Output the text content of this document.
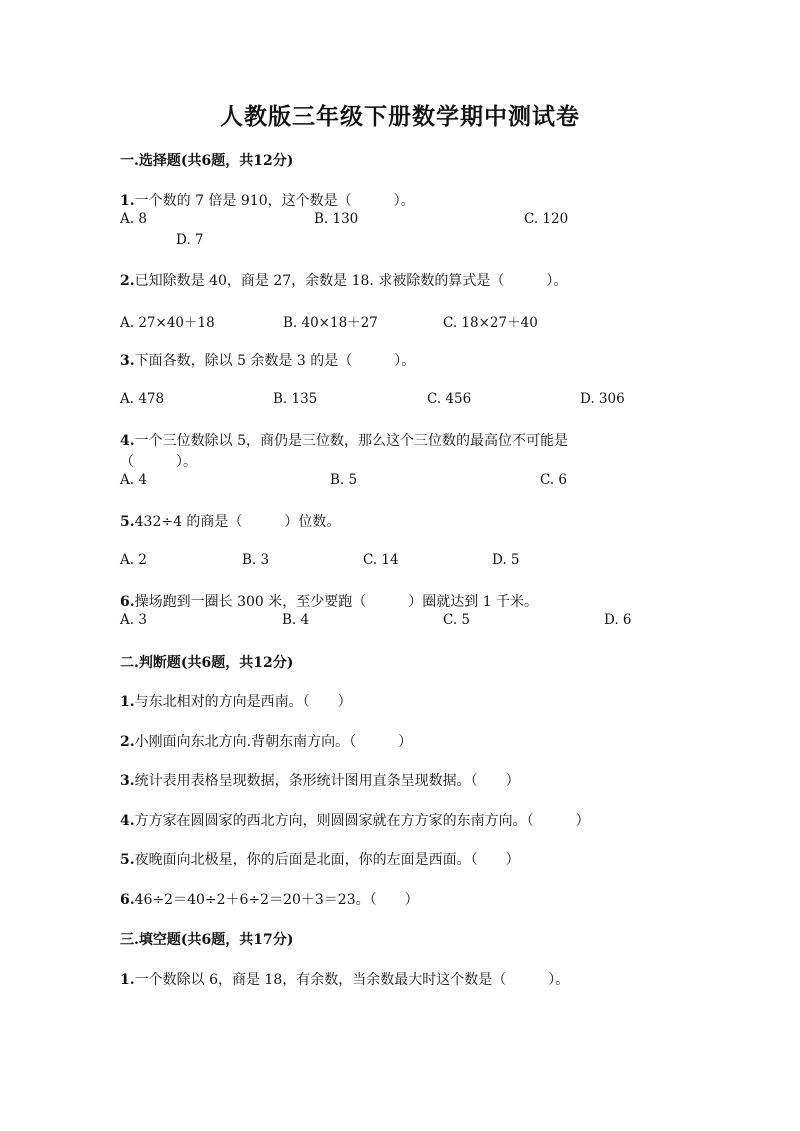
人教版三年级下册数学期中测试卷
一.选择题(共6题，共12分)
1.一个数的 7 倍是 910，这个数是（　　　）。
A. 8	B. 130	C. 120
D. 7
2.已知除数是 40，商是 27，余数是 18. 求被除数的算式是（　　　）。
A. 27×40＋18	B. 40×18＋27	C. 18×27＋40
3.下面各数，除以 5 余数是 3 的是（　　　）。
A. 478	B. 135	C. 456	D. 306
4.一个三位数除以 5，商仍是三位数，那么这个三位数的最高位不可能是
（　　　）。
A. 4	B. 5	C. 6
5.432÷4 的商是（　　　）位数。
A. 2	B. 3	C. 14	D. 5
6.操场跑到一圈长 300 米，至少要跑（　　　）圈就达到 1 千米。
A. 3	B. 4	C. 5	D. 6
二.判断题(共6题，共12分)
1.与东北相对的方向是西南。（　　）
2.小刚面向东北方向.背朝东南方向。（　　　）
3.统计表用表格呈现数据，条形统计图用直条呈现数据。（　　）
4.方方家在圆圆家的西北方向，则圆圆家就在方方家的东南方向。（　　　）
5.夜晚面向北极星，你的后面是北面，你的左面是西面。（　　）
6.46÷2＝40÷2＋6÷2＝20＋3＝23。（　　）
三.填空题(共6题，共17分)
1.一个数除以 6，商是 18，有余数，当余数最大时这个数是（　　　）。
